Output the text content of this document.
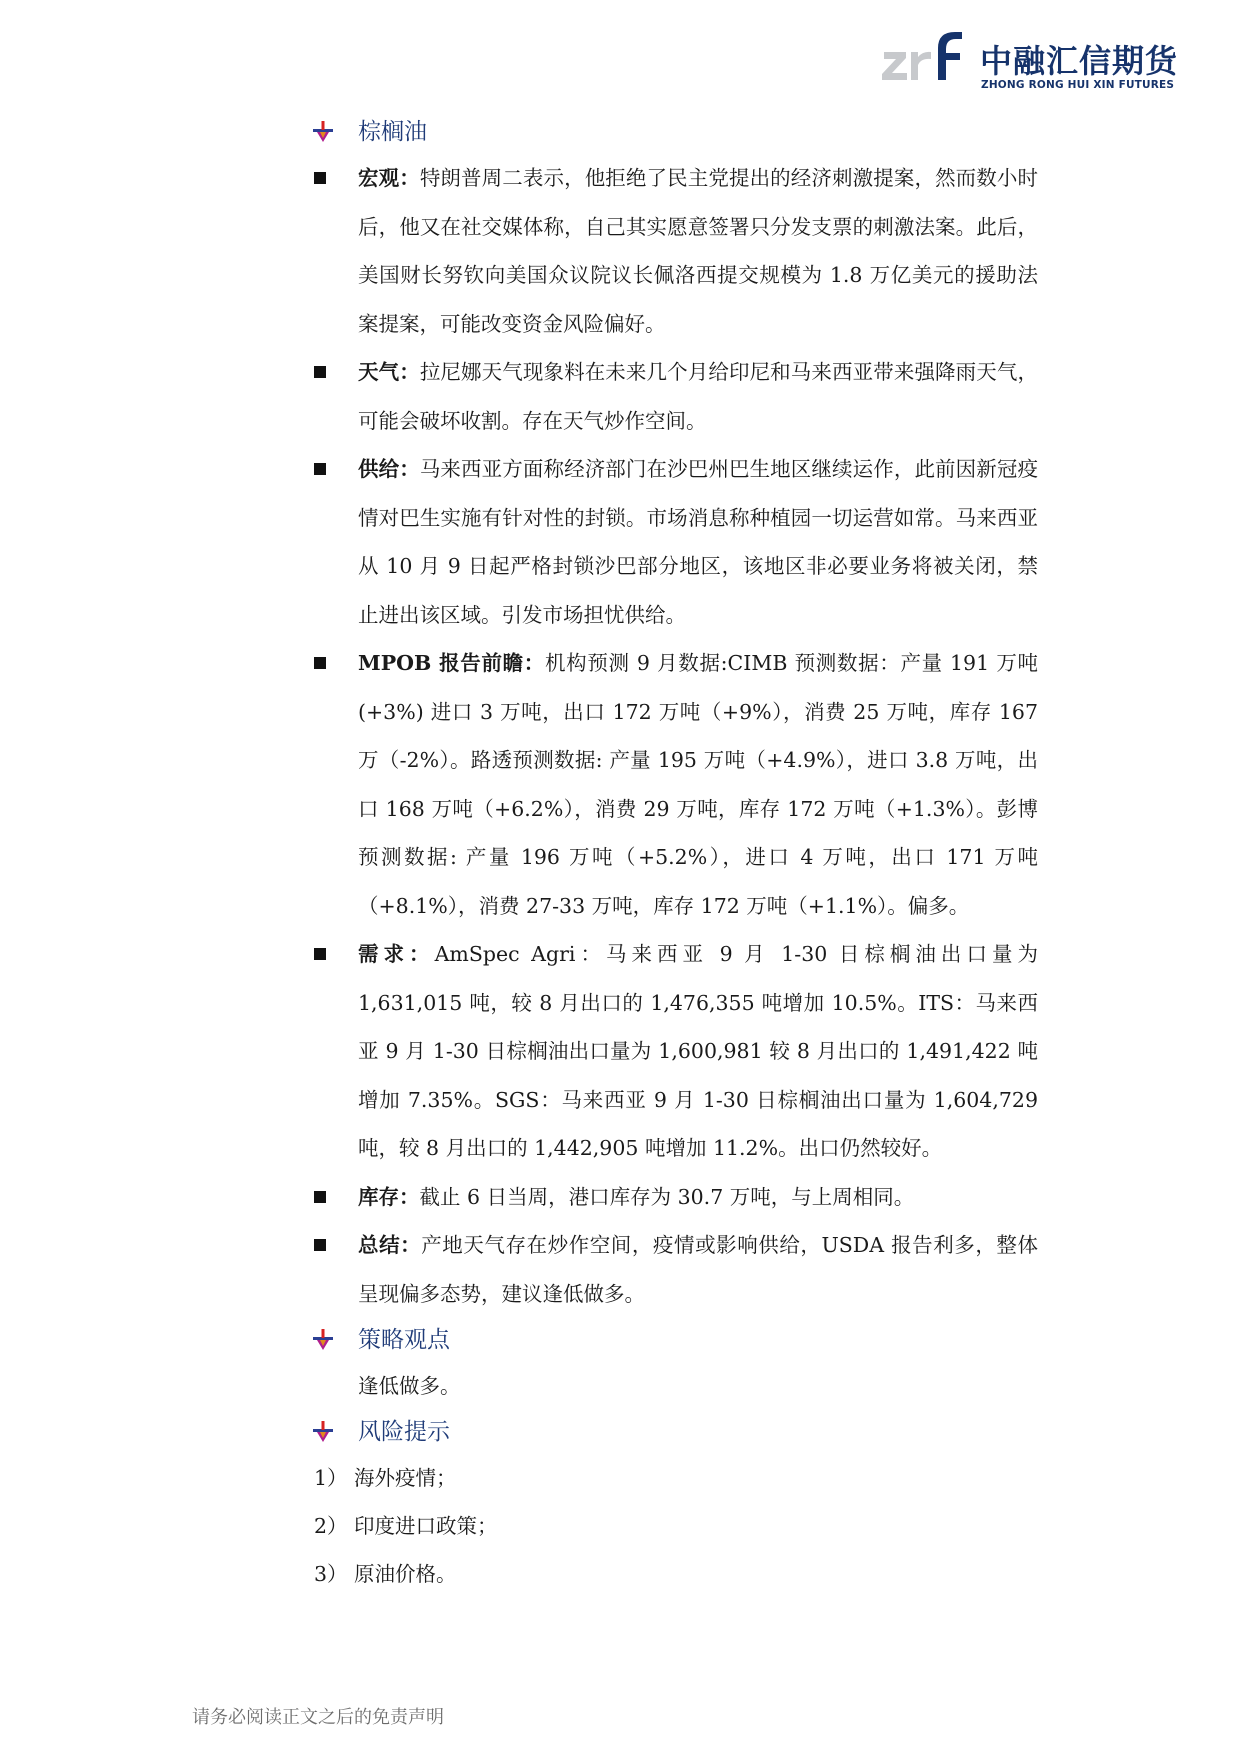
中融汇信期货
ZHONG RONG HUI XIN FUTURES
棕榈油
宏观：特朗普周二表示，他拒绝了民主党提出的经济刺激提案，然而数小时后，他又在社交媒体称，自己其实愿意签署只分发支票的刺激法案。此后，美国财长努钦向美国众议院议长佩洛西提交规模为 1.8 万亿美元的援助法案提案，可能改变资金风险偏好。
天气：拉尼娜天气现象料在未来几个月给印尼和马来西亚带来强降雨天气，可能会破坏收割。存在天气炒作空间。
供给：马来西亚方面称经济部门在沙巴州巴生地区继续运作，此前因新冠疫情对巴生实施有针对性的封锁。市场消息称种植园一切运营如常。马来西亚从 10 月 9 日起严格封锁沙巴部分地区，该地区非必要业务将被关闭，禁止进出该区域。引发市场担忧供给。
MPOB 报告前瞻：机构预测 9 月数据:CIMB 预测数据：产量 191 万吨(+3%) 进口 3 万吨，出口 172 万吨（+9%），消费 25 万吨，库存 167 万（-2%）。路透预测数据: 产量 195 万吨（+4.9%），进口 3.8 万吨，出口 168 万吨（+6.2%），消费 29 万吨，库存 172 万吨（+1.3%）。彭博预测数据: 产量 196 万吨（+5.2%），进口 4 万吨，出口 171 万吨（+8.1%），消费 27-33 万吨，库存 172 万吨（+1.1%）。偏多。
需求：AmSpec Agri：马来西亚 9 月 1-30 日棕榈油出口量为 1,631,015 吨，较 8 月出口的 1,476,355 吨增加 10.5%。ITS：马来西亚 9 月 1-30 日棕榈油出口量为 1,600,981 较 8 月出口的 1,491,422 吨增加 7.35%。SGS：马来西亚 9 月 1-30 日棕榈油出口量为 1,604,729 吨，较 8 月出口的 1,442,905 吨增加 11.2%。出口仍然较好。
库存：截止 6 日当周，港口库存为 30.7 万吨，与上周相同。
总结：产地天气存在炒作空间，疫情或影响供给，USDA 报告利多，整体呈现偏多态势，建议逢低做多。
策略观点
逢低做多。
风险提示
1） 海外疫情；
2） 印度进口政策；
3） 原油价格。
请务必阅读正文之后的免责声明
